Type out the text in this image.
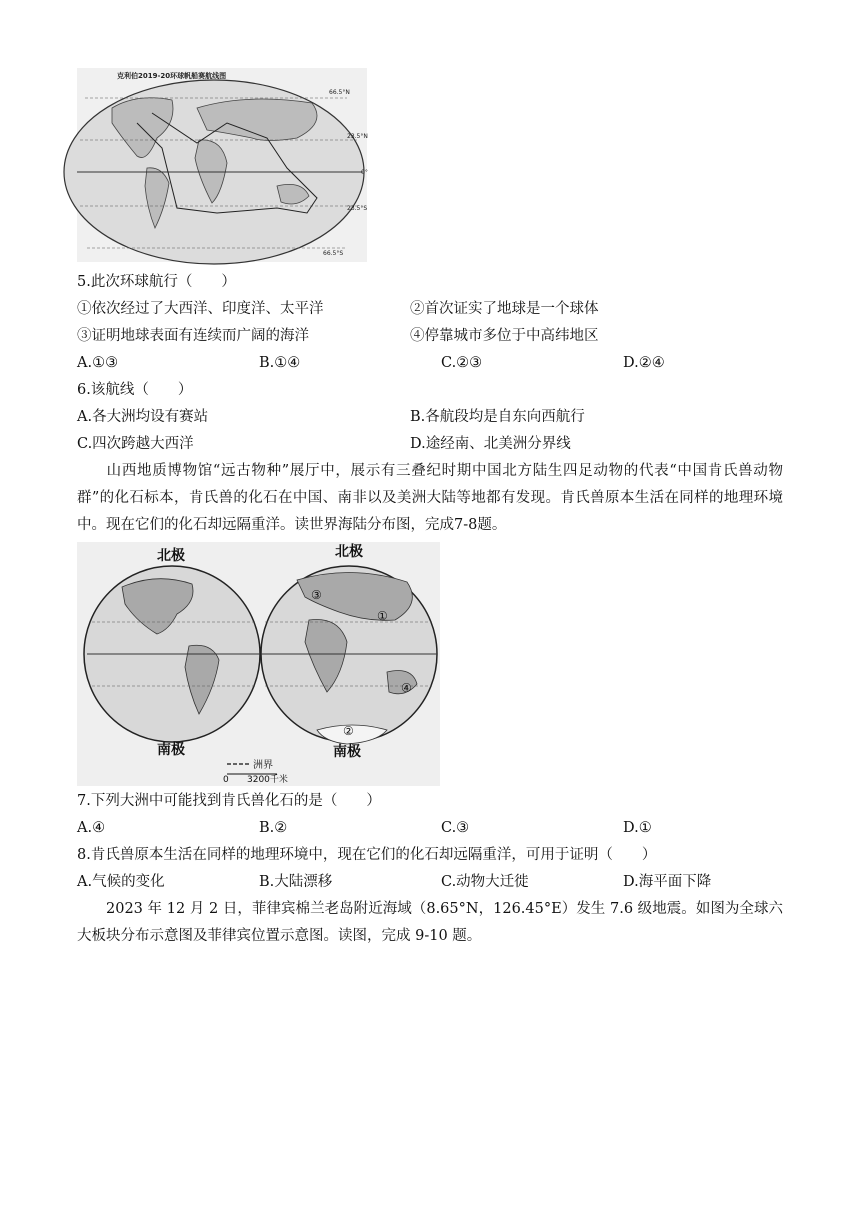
克利伯2019-20环球帆船赛航线图
66.5°N
23.5°N
0°
23.5°S
66.5°S
5.此次环球航行（　　）
①依次经过了大西洋、印度洋、太平洋	②首次证实了地球是一个球体
③证明地球表面有连续而广阔的海洋	④停靠城市多位于中高纬地区
A.①③	B.①④	C.②③	D.②④
6.该航线（　　）
A.各大洲均设有赛站	B.各航段均是自东向西航行
C.四次跨越大西洋	D.途经南、北美洲分界线
山西地质博物馆“远古物种”展厅中，展示有三叠纪时期中国北方陆生四足动物的代表“中国肯氏兽动物群”的化石标本，肯氏兽的化石在中国、南非以及美洲大陆等地都有发现。肯氏兽原本生活在同样的地理环境中。现在它们的化石却远隔重洋。读世界海陆分布图，完成7-8题。
北极	北极
南极	南极
①
②
③
④
洲界
0 3200千米
7.下列大洲中可能找到肯氏兽化石的是（　　）
A.④	B.②	C.③	D.①
8.肯氏兽原本生活在同样的地理环境中，现在它们的化石却远隔重洋，可用于证明（　　）
A.气候的变化	B.大陆漂移	C.动物大迁徙	D.海平面下降
2023 年 12 月 2 日，菲律宾棉兰老岛附近海域（8.65°N，126.45°E）发生 7.6 级地震。如图为全球六大板块分布示意图及菲律宾位置示意图。读图，完成 9-10 题。
